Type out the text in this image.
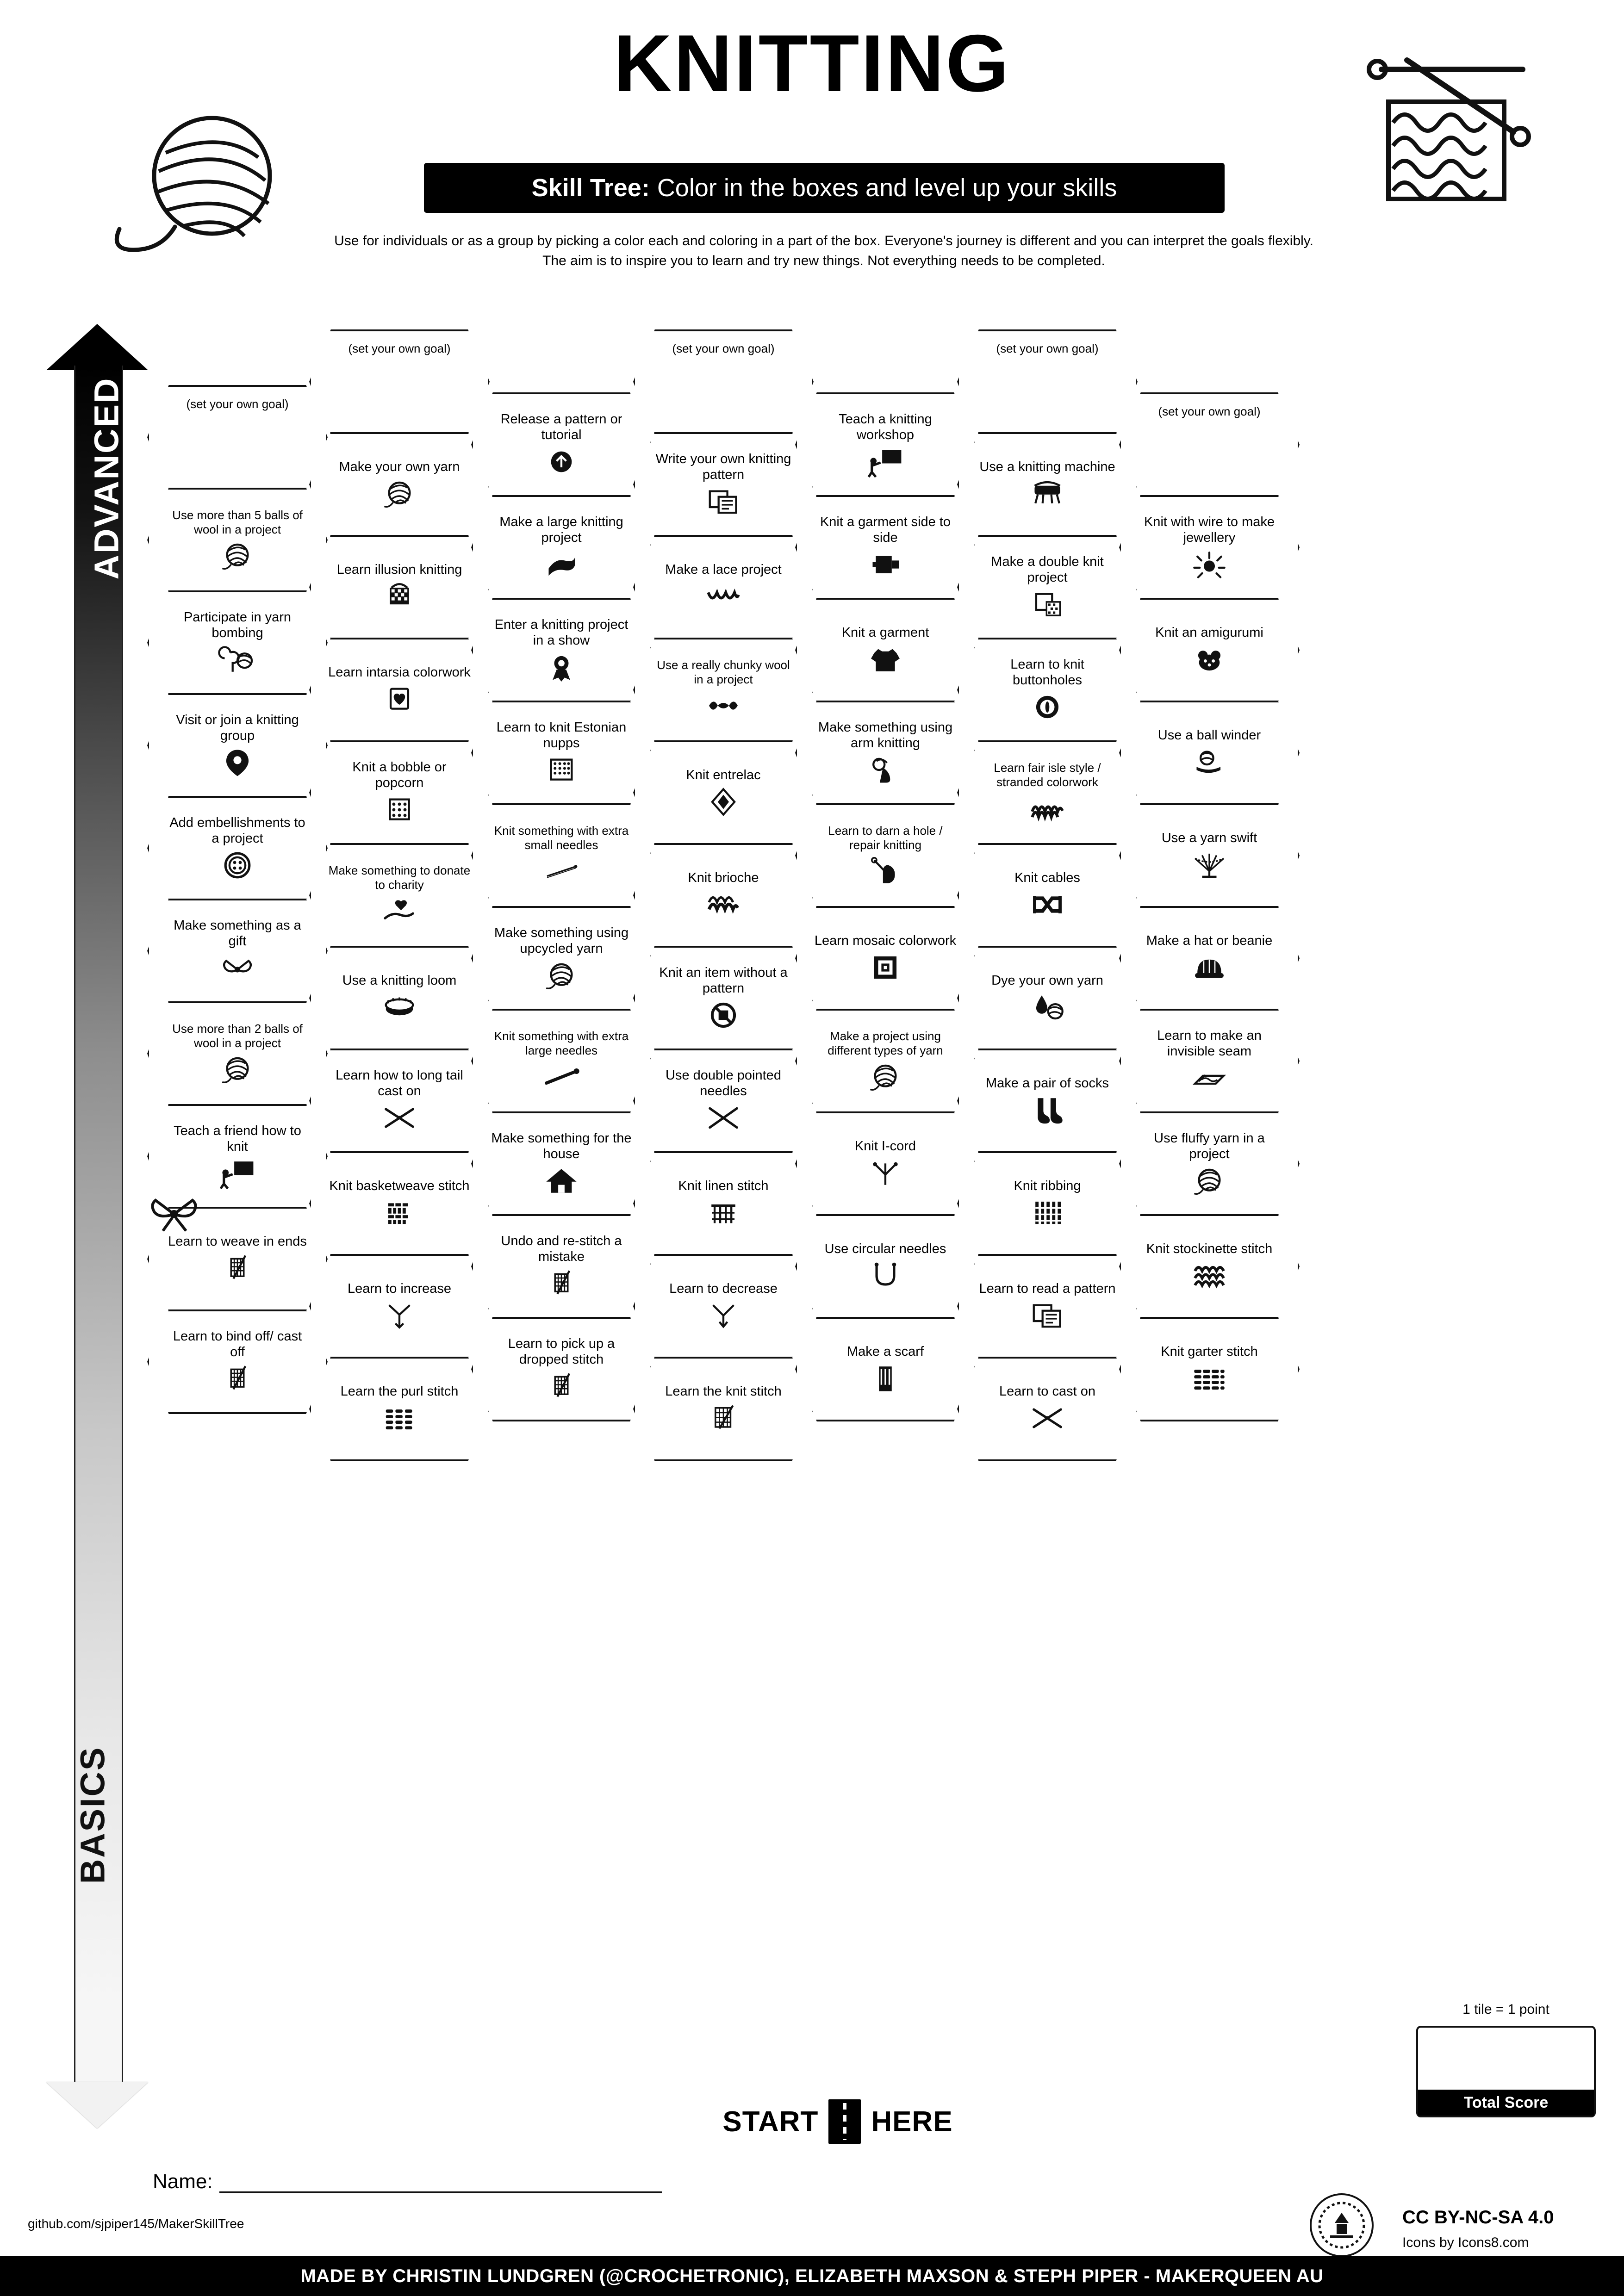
KNITTING
Skill Tree: Color in the boxes and level up your skills
Use for individuals or as a group by picking a color each and coloring in a part of the box. Everyone's journey is different and you can interpret the goals flexibly. The aim is to inspire you to learn and try new things. Not everything needs to be completed.
ADVANCED
BASICS
(set your own goal)
Use more than 5 balls of wool in a project
Participate in yarn bombing
Visit or join a knitting group
Add embellishments to a project
Make something as a gift
Use more than 2 balls of wool in a project
Teach a friend how to knit
Learn to weave in ends
Learn to bind off/ cast off
(set your own goal)
Make your own yarn
Learn illusion knitting
Learn intarsia colorwork
Knit a bobble or popcorn
Make something to donate to charity
Use a knitting loom
Learn how to long tail cast on
Knit basketweave stitch
Learn to increase
Learn the purl stitch
Release a pattern or tutorial
Make a large knitting project
Enter a knitting project in a show
Learn to knit Estonian nupps
Knit something with extra small needles
Make something using upcycled yarn
Knit something with extra large needles
Make something for the house
Undo and re-stitch a mistake
Learn to pick up a dropped stitch
(set your own goal)
Write your own knitting pattern
Make a lace project
Use a really chunky wool in a project
Knit entrelac
Knit brioche
Knit an item without a pattern
Use double pointed needles
Knit linen stitch
Learn to decrease
Learn the knit stitch
Teach a knitting workshop
Knit a garment side to side
Knit a garment
Make something using arm knitting
Learn to darn a hole / repair knitting
Learn mosaic colorwork
Make a project using different types of yarn
Knit I-cord
Use circular needles
Make a scarf
(set your own goal)
Use a knitting machine
Make a double knit project
Learn to knit buttonholes
Learn fair isle style / stranded colorwork
Knit cables
Dye your own yarn
Make a pair of socks
Knit ribbing
Learn to read a pattern
Learn to cast on
(set your own goal)
Knit with wire to make jewellery
Knit an amigurumi
Use a ball winder
Use a yarn swift
Make a hat or beanie
Learn to make an invisible seam
Use fluffy yarn in a project
Knit stockinette stitch
Knit garter stitch
START HERE
1 tile = 1 point
Total Score
Name:
github.com/sjpiper145/MakerSkillTree	CC BY-NC-SA 4.0
Icons by Icons8.com
MADE BY CHRISTIN LUNDGREN (@CROCHETRONIC), ELIZABETH MAXSON & STEPH PIPER - MAKERQUEEN AU
